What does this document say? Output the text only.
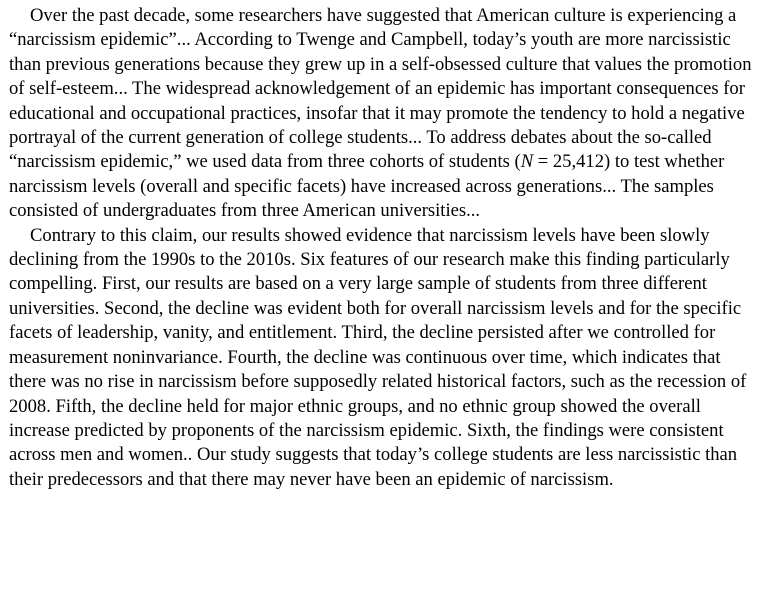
Over the past decade, some researchers have suggested that American culture is experiencing a “narcissism epidemic”... According to Twenge and Campbell, today’s youth are more narcissistic than previous generations because they grew up in a self-obsessed culture that values the promotion of self-esteem... The widespread acknowledgement of an epidemic has important consequences for educational and occupational practices, insofar that it may promote the tendency to hold a negative portrayal of the current generation of college students... To address debates about the so-called “narcissism epidemic,” we used data from three cohorts of students (N = 25,412) to test whether narcissism levels (overall and specific facets) have increased across generations... The samples consisted of undergraduates from three American universities...

Contrary to this claim, our results showed evidence that narcissism levels have been slowly declining from the 1990s to the 2010s. Six features of our research make this finding particularly compelling. First, our results are based on a very large sample of students from three different universities. Second, the decline was evident both for overall narcissism levels and for the specific facets of leadership, vanity, and entitlement. Third, the decline persisted after we controlled for measurement noninvariance. Fourth, the decline was continuous over time, which indicates that there was no rise in narcissism before supposedly related historical factors, such as the recession of 2008. Fifth, the decline held for major ethnic groups, and no ethnic group showed the overall increase predicted by proponents of the narcissism epidemic. Sixth, the findings were consistent across men and women.. Our study suggests that today’s college students are less narcissistic than their predecessors and that there may never have been an epidemic of narcissism.
